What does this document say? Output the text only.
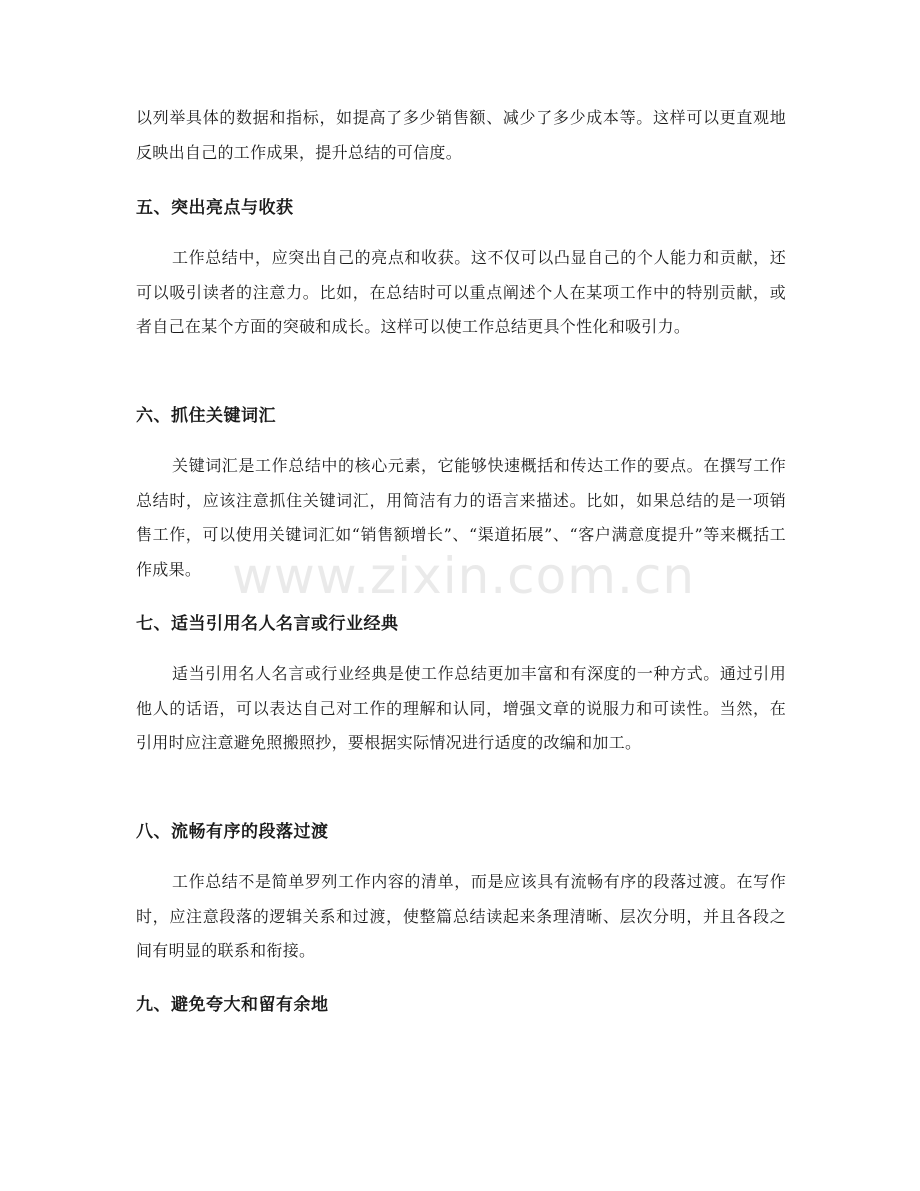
以列举具体的数据和指标，如提高了多少销售额、减少了多少成本等。这样可以更直观地反映出自己的工作成果，提升总结的可信度。

五、突出亮点与收获

工作总结中，应突出自己的亮点和收获。这不仅可以凸显自己的个人能力和贡献，还可以吸引读者的注意力。比如，在总结时可以重点阐述个人在某项工作中的特别贡献，或者自己在某个方面的突破和成长。这样可以使工作总结更具个性化和吸引力。

六、抓住关键词汇

关键词汇是工作总结中的核心元素，它能够快速概括和传达工作的要点。在撰写工作总结时，应该注意抓住关键词汇，用简洁有力的语言来描述。比如，如果总结的是一项销售工作，可以使用关键词汇如“销售额增长”、“渠道拓展”、“客户满意度提升”等来概括工作成果。

七、适当引用名人名言或行业经典

适当引用名人名言或行业经典是使工作总结更加丰富和有深度的一种方式。通过引用他人的话语，可以表达自己对工作的理解和认同，增强文章的说服力和可读性。当然，在引用时应注意避免照搬照抄，要根据实际情况进行适度的改编和加工。

八、流畅有序的段落过渡

工作总结不是简单罗列工作内容的清单，而是应该具有流畅有序的段落过渡。在写作时，应注意段落的逻辑关系和过渡，使整篇总结读起来条理清晰、层次分明，并且各段之间有明显的联系和衔接。

九、避免夸大和留有余地
www.zixin.com.cn
